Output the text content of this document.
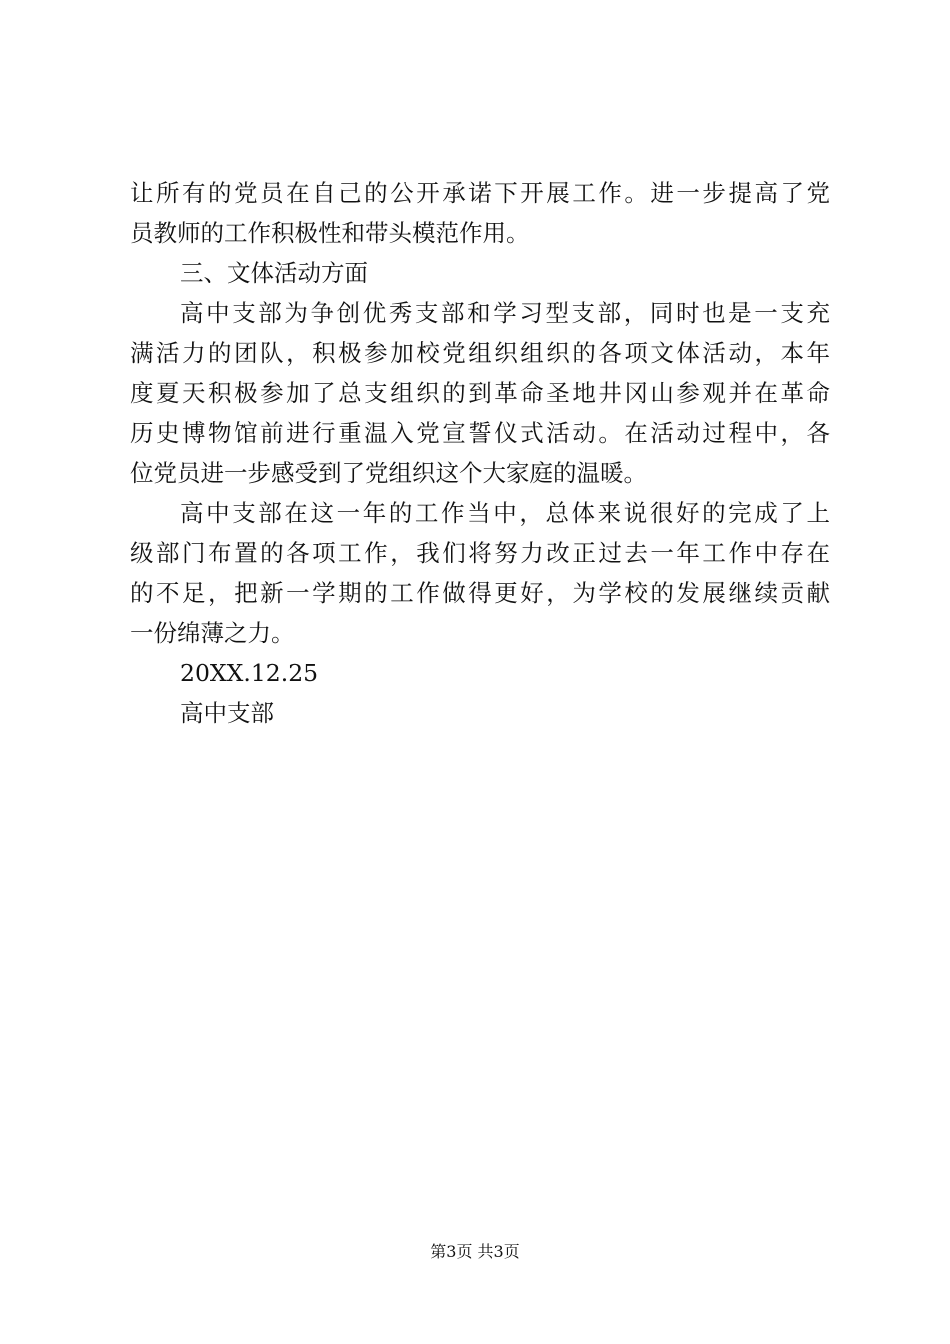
让所有的党员在自己的公开承诺下开展工作。进一步提高了党
员教师的工作积极性和带头模范作用。
三、文体活动方面
高中支部为争创优秀支部和学习型支部，同时也是一支充
满活力的团队，积极参加校党组织组织的各项文体活动，本年
度夏天积极参加了总支组织的到革命圣地井冈山参观并在革命
历史博物馆前进行重温入党宣誓仪式活动。在活动过程中，各
位党员进一步感受到了党组织这个大家庭的温暖。
高中支部在这一年的工作当中，总体来说很好的完成了上
级部门布置的各项工作，我们将努力改正过去一年工作中存在
的不足，把新一学期的工作做得更好，为学校的发展继续贡献
一份绵薄之力。
20XX.12.25
高中支部
第3页 共3页
